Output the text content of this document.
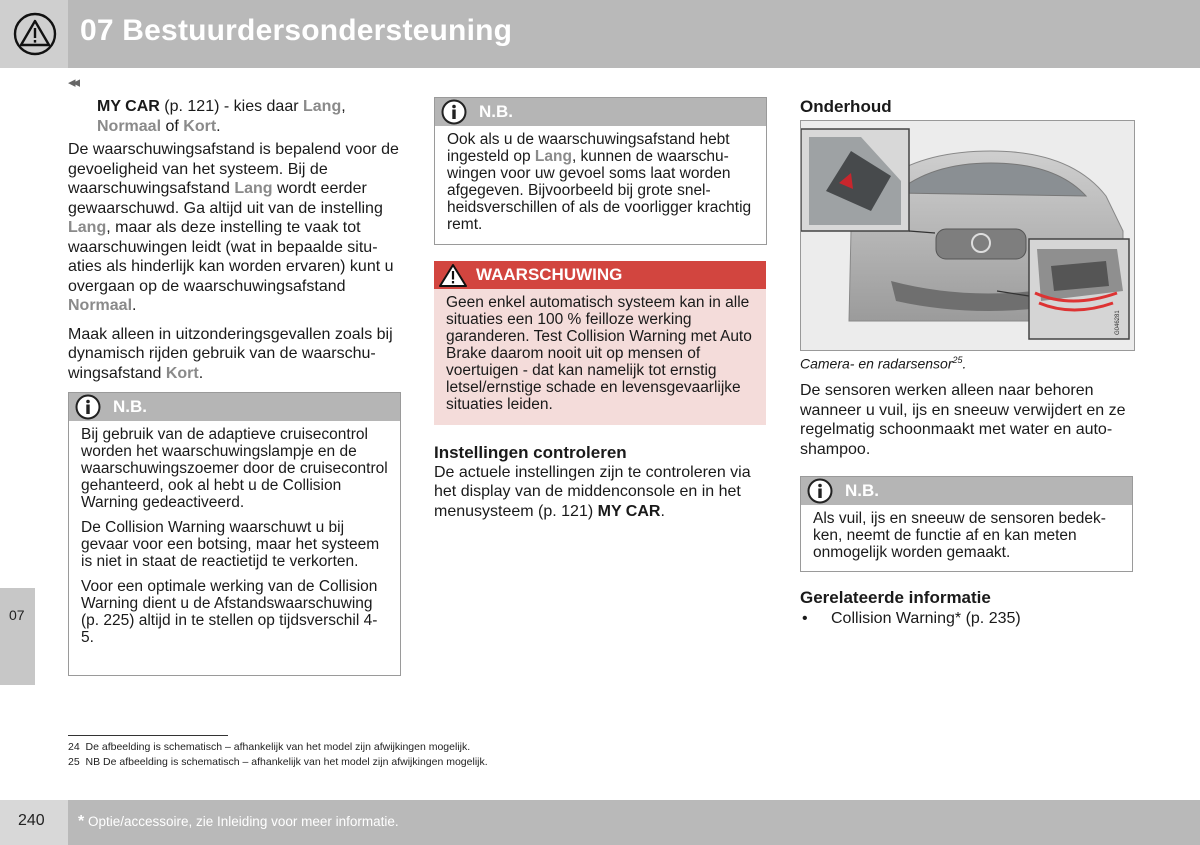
07 Bestuurdersondersteuning
07
◂◂

MY CAR (p. 121) - kies daar Lang, Normaal of Kort.

De waarschuwingsafstand is bepalend voor de gevoeligheid van het systeem. Bij de waarschuwingsafstand Lang wordt eerder gewaarschuwd. Ga altijd uit van de instelling Lang, maar als deze instelling te vaak tot waarschuwingen leidt (wat in bepaalde situaties als hinderlijk kan worden ervaren) kunt u overgaan op de waarschuwingsafstand Normaal.

Maak alleen in uitzonderingsgevallen zoals bij dynamisch rijden gebruik van de waarschuwingsafstand Kort.

N.B.

Bij gebruik van de adaptieve cruisecontrol worden het waarschuwingslampje en de waarschuwingszoemer door de cruisecontrol gehanteerd, ook al hebt u de Collision Warning gedeactiveerd.

De Collision Warning waarschuwt u bij gevaar voor een botsing, maar het systeem is niet in staat de reactietijd te verkorten.

Voor een optimale werking van de Collision Warning dient u de Afstandswaarschuwing (p. 225) altijd in te stellen op tijdsverschil 4-5.

N.B.

Ook als u de waarschuwingsafstand hebt ingesteld op Lang, kunnen de waarschuwingen voor uw gevoel soms laat worden afgegeven. Bijvoorbeeld bij grote snelheidsverschillen of als de voorligger krachtig remt.

WAARSCHUWING

Geen enkel automatisch systeem kan in alle situaties een 100 % feilloze werking garanderen. Test Collision Warning met Auto Brake daarom nooit uit op mensen of voertuigen - dat kan namelijk tot ernstig letsel/ernstige schade en levensgevaarlijke situaties leiden.

Instellingen controleren

De actuele instellingen zijn te controleren via het display van de middenconsole en in het menusysteem (p. 121) MY CAR.

Onderhoud
G046281
Camera- en radarsensor$^{25}$.

De sensoren werken alleen naar behoren wanneer u vuil, ijs en sneeuw verwijdert en ze regelmatig schoonmaakt met water en autoshampoo.

N.B.

Als vuil, ijs en sneeuw de sensoren bedekken, neemt de functie af en kan meten onmogelijk worden gemaakt.

Gerelateerde informatie
•	Collision Warning* (p. 235)
24 De afbeelding is schematisch – afhankelijk van het model zijn afwijkingen mogelijk.
25 NB De afbeelding is schematisch – afhankelijk van het model zijn afwijkingen mogelijk.
240 * Optie/accessoire, zie Inleiding voor meer informatie.
